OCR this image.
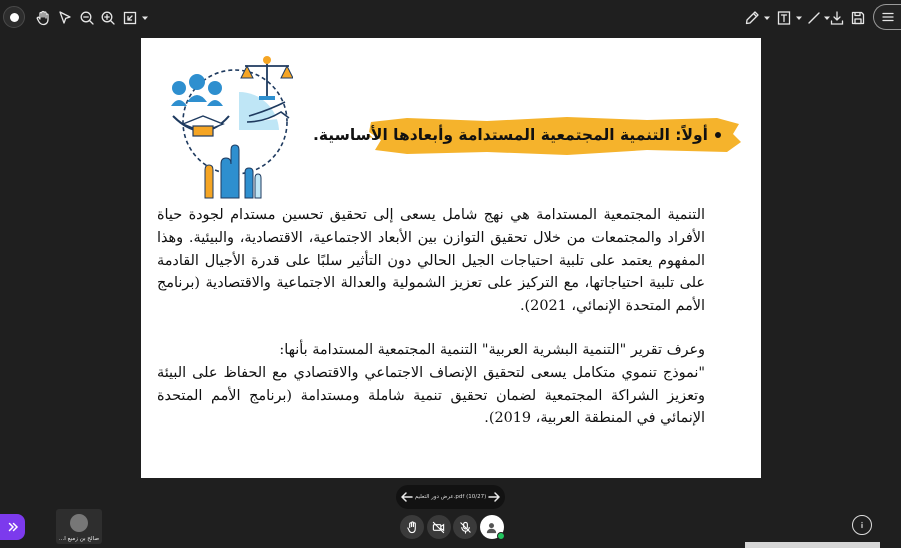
أولاً: التنمية المجتمعية المستدامة وأبعادها الأساسية.
التنمية المجتمعية المستدامة هي نهج شامل يسعى إلى تحقيق تحسين مستدام لجودة حياة الأفراد والمجتمعات من خلال تحقيق التوازن بين الأبعاد الاجتماعية، الاقتصادية، والبيئية. وهذا المفهوم يعتمد على تلبية احتياجات الجيل الحالي دون التأثير سلبًا على قدرة الأجيال القادمة على تلبية احتياجاتها، مع التركيز على تعزيز الشمولية والعدالة الاجتماعية والاقتصادية (برنامج الأمم المتحدة الإنمائي، 2021).
وعرف تقرير "التنمية البشرية العربية" التنمية المجتمعية المستدامة بأنها:
"نموذج تنموي متكامل يسعى لتحقيق الإنصاف الاجتماعي والاقتصادي مع الحفاظ على البيئة وتعزيز الشراكة المجتمعية لضمان تحقيق تنمية شاملة ومستدامة (برنامج الأمم المتحدة الإنمائي في المنطقة العربية، 2019).
عرض دور التعليم.pdf (10/27)
صالح بن زميع ا...
